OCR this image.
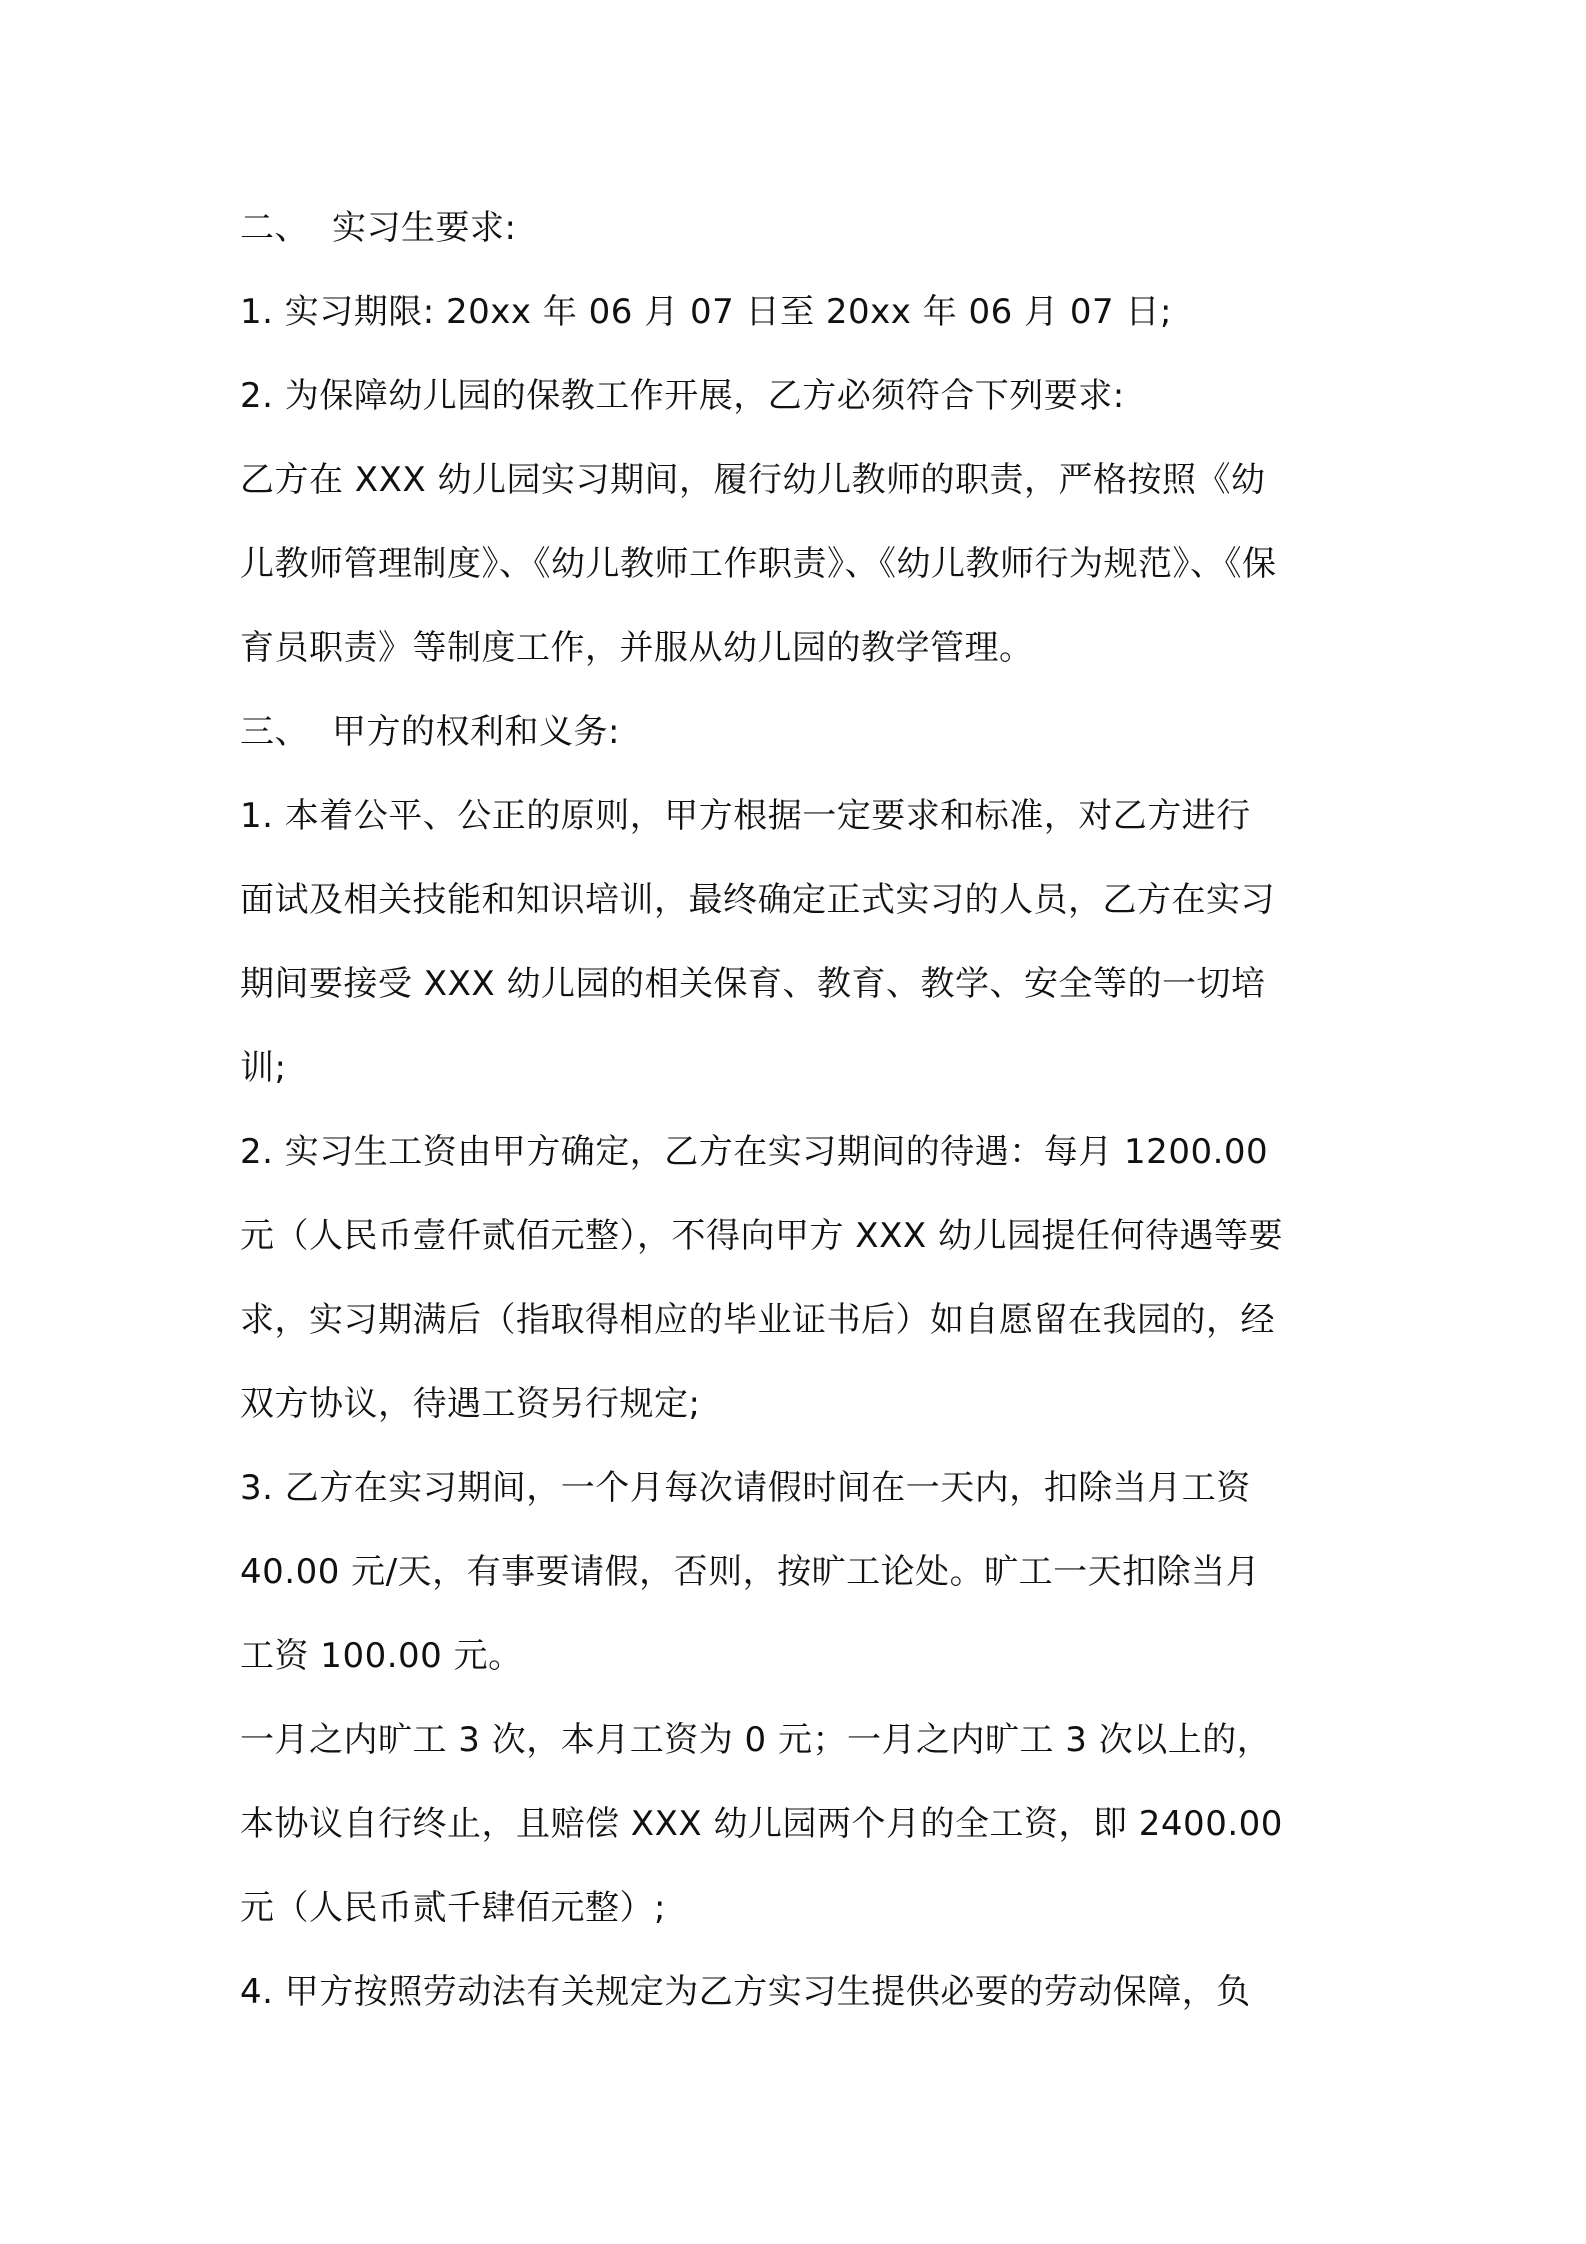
二、 实习生要求:
1. 实习期限: 20xx 年 06 月 07 日至 20xx 年 06 月 07 日;
2. 为保障幼儿园的保教工作开展，乙方必须符合下列要求:
乙方在 XXX 幼儿园实习期间，履行幼儿教师的职责，严格按照《幼
儿教师管理制度》、《幼儿教师工作职责》、《幼儿教师行为规范》、《保
育员职责》等制度工作，并服从幼儿园的教学管理。
三、 甲方的权利和义务:
1. 本着公平、公正的原则，甲方根据一定要求和标准，对乙方进行
面试及相关技能和知识培训，最终确定正式实习的人员，乙方在实习
期间要接受 XXX 幼儿园的相关保育、教育、教学、安全等的一切培
训;
2. 实习生工资由甲方确定，乙方在实习期间的待遇：每月 1200.00
元（人民币壹仟贰佰元整），不得向甲方 XXX 幼儿园提任何待遇等要
求，实习期满后（指取得相应的毕业证书后）如自愿留在我园的，经
双方协议，待遇工资另行规定;
3. 乙方在实习期间，一个月每次请假时间在一天内，扣除当月工资
40.00 元/天，有事要请假，否则，按旷工论处。旷工一天扣除当月
工资 100.00 元。
一月之内旷工 3 次，本月工资为 0 元；一月之内旷工 3 次以上的，
本协议自行终止，且赔偿 XXX 幼儿园两个月的全工资，即 2400.00
元（人民币贰千肆佰元整）;
4. 甲方按照劳动法有关规定为乙方实习生提供必要的劳动保障，负
